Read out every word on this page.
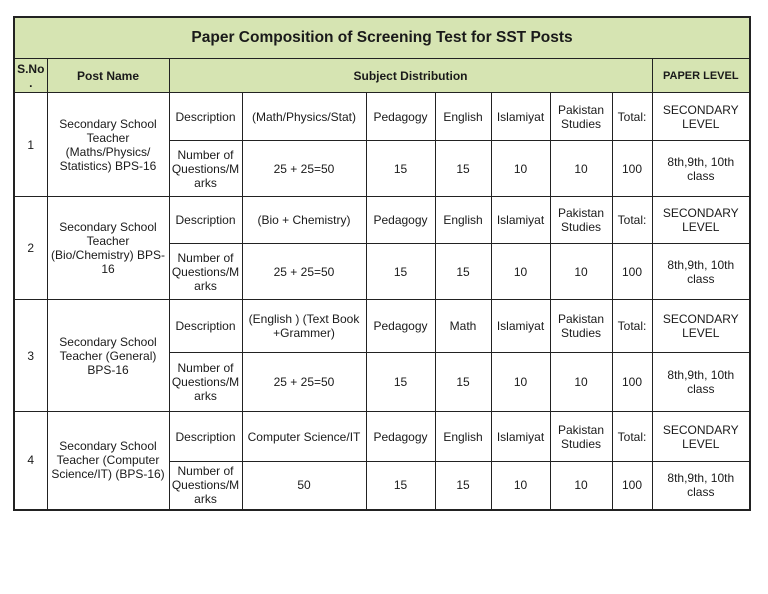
Paper Composition of Screening Test for SST Posts									
S.No .	Post Name	Subject Distribution							PAPER LEVEL
1	Secondary School Teacher (Maths/Physics/ Statistics) BPS-16	Description	(Math/Physics/Stat)	Pedagogy	English	Islamiyat	Pakistan Studies	Total:	SECONDARY LEVEL
		Number of Questions/M arks	25 + 25=50	15	15	10	10	100	8th,9th, 10th class
2	Secondary School Teacher (Bio/Chemistry) BPS-16	Description	(Bio + Chemistry)	Pedagogy	English	Islamiyat	Pakistan Studies	Total:	SECONDARY LEVEL
		Number of Questions/M arks	25 + 25=50	15	15	10	10	100	8th,9th, 10th class
3	Secondary School Teacher (General) BPS-16	Description	(English ) (Text Book +Grammer)	Pedagogy	Math	Islamiyat	Pakistan Studies	Total:	SECONDARY LEVEL
		Number of Questions/M arks	25 + 25=50	15	15	10	10	100	8th,9th, 10th class
4	Secondary School Teacher (Computer Science/IT) (BPS-16)	Description	Computer Science/IT	Pedagogy	English	Islamiyat	Pakistan Studies	Total:	SECONDARY LEVEL
		Number of Questions/M arks	50	15	15	10	10	100	8th,9th, 10th class
